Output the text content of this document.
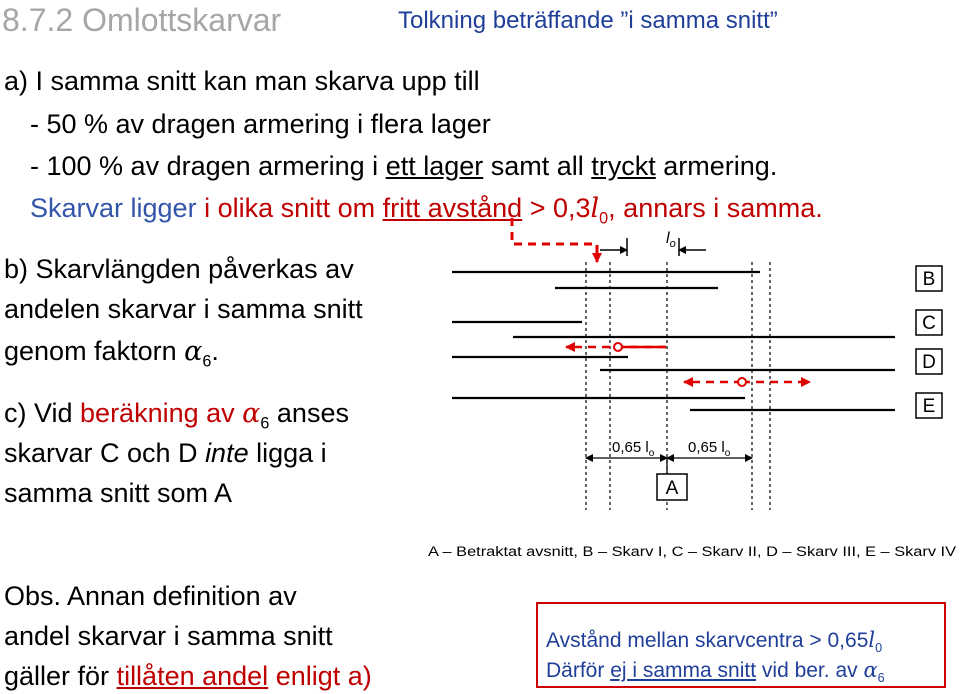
8.7.2 Omlottskarvar	Tolkning beträffande ”i samma snitt”
a) I samma snitt kan man skarva upp till
- 50 % av dragen armering i flera lager
- 100 % av dragen armering i ett lager samt all tryckt armering.
Skarvar ligger i olika snitt om fritt avstånd > $0,3l_0$, annars i samma.
b) Skarvlängden påverkas av
andelen skarvar i samma snitt
genom faktorn $\alpha_6$.
c) Vid beräkning av $\alpha_6$ anses
skarvar C och D inte ligga i
samma snitt som A
Obs. Annan definition av
andel skarvar i samma snitt
gäller för tillåten andel enligt a)
Avstånd mellan skarvcentra > $0,65l_0$
Därför ej i samma snitt vid ber. av $\alpha_6$
$l_o$
0,65 $l_o$ 0,65 $l_o$
A
B
C
D
E
A – Betraktat avsnitt, B – Skarv I, C – Skarv II, D – Skarv III, E – Skarv IV
